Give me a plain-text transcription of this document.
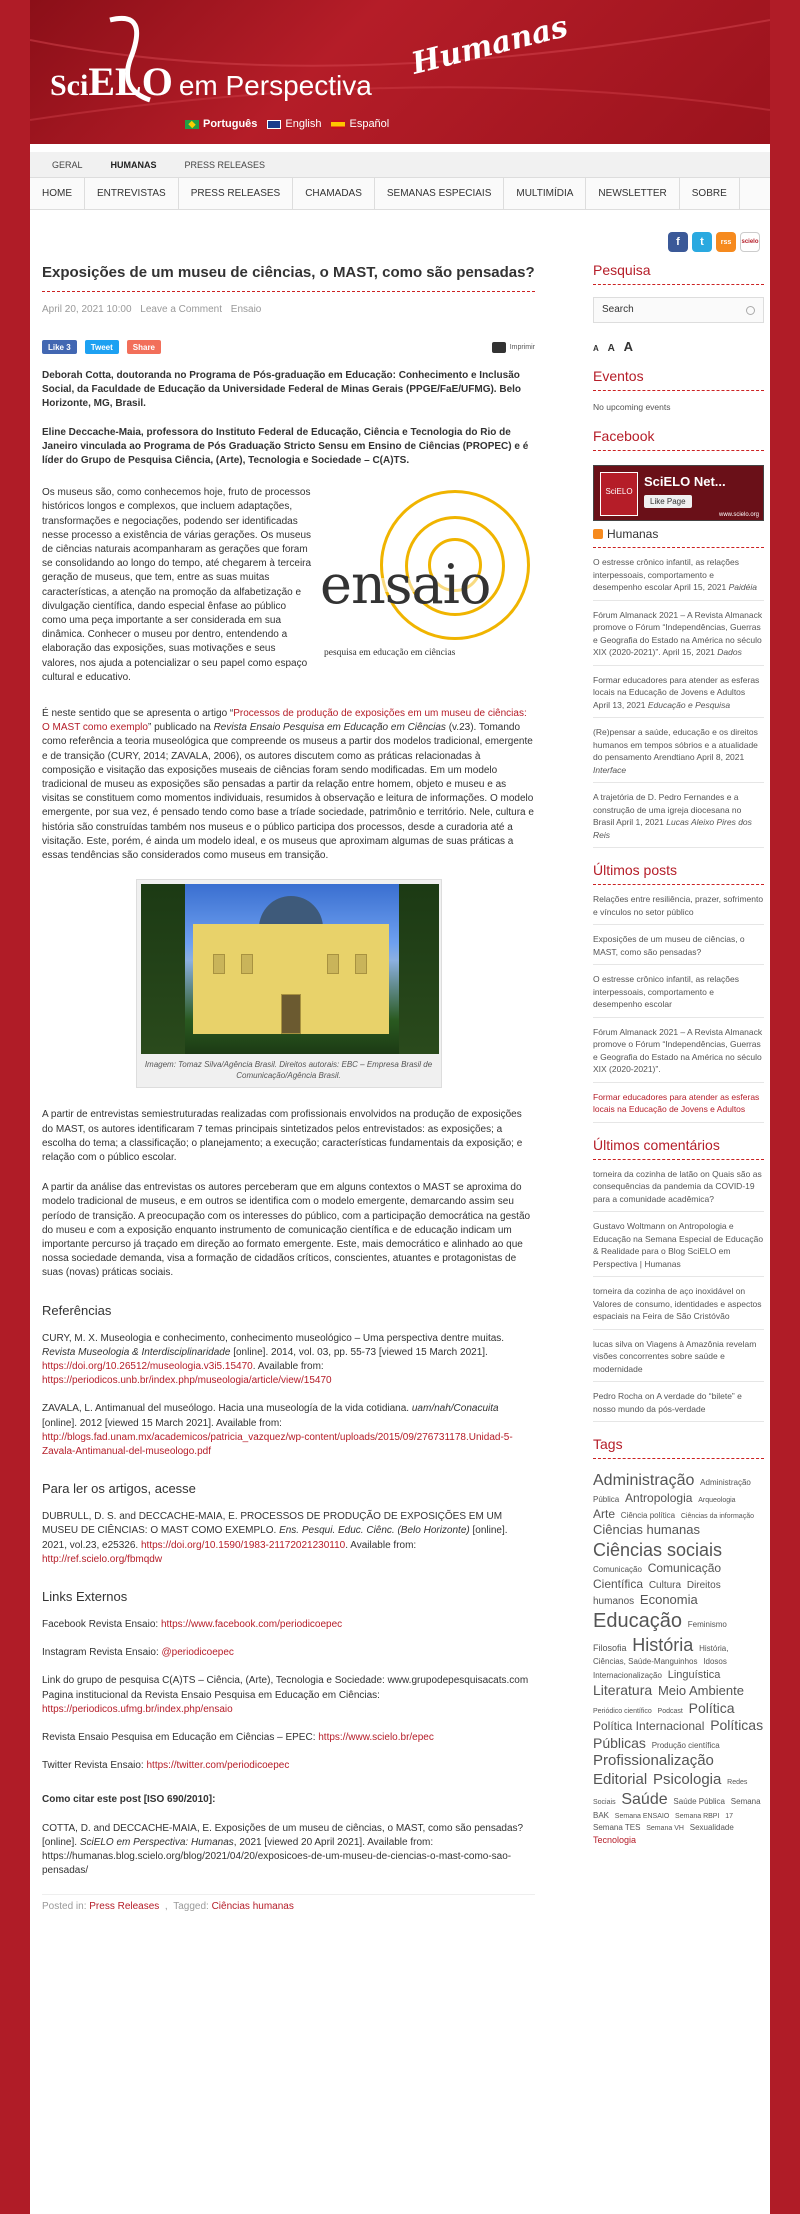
SciELO em Perspectiva
Humanas
Português	English	Español
GERAL	HUMANAS	PRESS RELEASES
HOME	ENTREVISTAS	PRESS RELEASES	CHAMADAS	SEMANAS ESPECIAIS	MULTIMÍDIA	NEWSLETTER	SOBRE
f	t	rss	scielo
Exposições de um museu de ciências, o MAST, como são pensadas?
April 20, 2021 10:00 Leave a Comment Ensaio
Like 3	Tweet	Share	Imprimir

Deborah Cotta, doutoranda no Programa de Pós-graduação em Educação: Conhecimento e Inclusão Social, da Faculdade de Educação da Universidade Federal de Minas Gerais (PPGE/FaE/UFMG). Belo Horizonte, MG, Brasil.

Eline Deccache-Maia, professora do Instituto Federal de Educação, Ciência e Tecnologia do Rio de Janeiro vinculada ao Programa de Pós Graduação Stricto Sensu em Ensino de Ciências (PROPEC) e é líder do Grupo de Pesquisa Ciência, (Arte), Tecnologia e Sociedade – C(A)TS.

ensaio
pesquisa em educação em ciências
Os museus são, como conhecemos hoje, fruto de processos históricos longos e complexos, que incluem adaptações, transformações e negociações, podendo ser identificadas nesse processo a existência de várias gerações. Os museus de ciências naturais acompanharam as gerações que foram se consolidando ao longo do tempo, até chegarem à terceira geração de museus, que tem, entre as suas muitas características, a atenção na promoção da alfabetização e divulgação científica, dando especial ênfase ao público como uma peça importante a ser considerada em sua dinâmica. Conhecer o museu por dentro, entendendo a elaboração das exposições, suas motivações e seus valores, nos ajuda a potencializar o seu papel como espaço cultural e educativo.

É neste sentido que se apresenta o artigo “Processos de produção de exposições em um museu de ciências: O MAST como exemplo” publicado na Revista Ensaio Pesquisa em Educação em Ciências (v.23). Tomando como referência a teoria museológica que compreende os museus a partir dos modelos tradicional, emergente e de transição (CURY, 2014; ZAVALA, 2006), os autores discutem como as práticas relacionadas à composição e visitação das exposições museais de ciências foram sendo modificadas. Em um modelo tradicional de museu as exposições são pensadas a partir da relação entre homem, objeto e museu e as visitas se constituem como momentos individuais, resumidos à observação e leitura de informações. O modelo emergente, por sua vez, é pensado tendo como base a tríade sociedade, patrimônio e território. Nele, cultura e história são construídas também nos museus e o público participa dos processos, desde a curadoria até a visitação. Este, porém, é ainda um modelo ideal, e os museus que aproximam algumas de suas práticas a essas tendências são considerados como museus em transição.

Imagem: Tomaz Silva/Agência Brasil. Direitos autorais: EBC – Empresa Brasil de Comunicação/Agência Brasil.

A partir de entrevistas semiestruturadas realizadas com profissionais envolvidos na produção de exposições do MAST, os autores identificaram 7 temas principais sintetizados pelos entrevistados: as exposições; a escolha do tema; a classificação; o planejamento; a execução; características fundamentais da exposição; e relação com o público escolar.

A partir da análise das entrevistas os autores perceberam que em alguns contextos o MAST se aproxima do modelo tradicional de museus, e em outros se identifica com o modelo emergente, demarcando assim seu período de transição. A preocupação com os interesses do público, com a participação democrática na gestão do museu e com a exposição enquanto instrumento de comunicação científica e de educação indicam um importante percurso já traçado em direção ao formato emergente. Este, mais democrático e alinhado ao que nossa sociedade demanda, visa a formação de cidadãos críticos, conscientes, atuantes e protagonistas de suas (novas) práticas sociais.

Referências

CURY, M. X. Museologia e conhecimento, conhecimento museológico – Uma perspectiva dentre muitas. Revista Museologia & Interdisciplinaridade [online]. 2014, vol. 03, pp. 55-73 [viewed 15 March 2021]. https://doi.org/10.26512/museologia.v3i5.15470. Available from: https://periodicos.unb.br/index.php/museologia/article/view/15470

ZAVALA, L. Antimanual del museólogo. Hacia una museología de la vida cotidiana. uam/nah/Conacuita [online]. 2012 [viewed 15 March 2021]. Available from: http://blogs.fad.unam.mx/academicos/patricia_vazquez/wp-content/uploads/2015/09/276731178.Unidad-5-Zavala-Antimanual-del-museologo.pdf

Para ler os artigos, acesse

DUBRULL, D. S. and DECCACHE-MAIA, E. PROCESSOS DE PRODUÇÃO DE EXPOSIÇÕES EM UM MUSEU DE CIÊNCIAS: O MAST COMO EXEMPLO. Ens. Pesqui. Educ. Ciênc. (Belo Horizonte) [online]. 2021, vol.23, e25326. https://doi.org/10.1590/1983-21172021230110. Available from: http://ref.scielo.org/fbmqdw

Links Externos

Facebook Revista Ensaio: https://www.facebook.com/periodicoepec

Instagram Revista Ensaio: @periodicoepec

Link do grupo de pesquisa C(A)TS – Ciência, (Arte), Tecnologia e Sociedade: www.grupodepesquisacats.com
Pagina institucional da Revista Ensaio Pesquisa em Educação em Ciências:
https://periodicos.ufmg.br/index.php/ensaio

Revista Ensaio Pesquisa em Educação em Ciências – EPEC: https://www.scielo.br/epec

Twitter Revista Ensaio: https://twitter.com/periodicoepec

Como citar este post [ISO 690/2010]:

COTTA, D. and DECCACHE-MAIA, E. Exposições de um museu de ciências, o MAST, como são pensadas? [online]. SciELO em Perspectiva: Humanas, 2021 [viewed 20 April 2021]. Available from: https://humanas.blog.scielo.org/blog/2021/04/20/exposicoes-de-um-museu-de-ciencias-o-mast-como-sao-pensadas/

Posted in: Press Releases  ,  Tagged: Ciências humanas
Pesquisa
Search
A A A
Eventos
No upcoming events
Facebook
SciELO
SciELO Net...
Like Page
www.scielo.org
Humanas
O estresse crônico infantil, as relações interpessoais, comportamento e desempenho escolar April 15, 2021 Paidéia
Fórum Almanack 2021 – A Revista Almanack promove o Fórum “Independências, Guerras e Geografia do Estado na América no século XIX (2020-2021)”. April 15, 2021 Dados
Formar educadores para atender as esferas locais na Educação de Jovens e Adultos April 13, 2021 Educação e Pesquisa
(Re)pensar a saúde, educação e os direitos humanos em tempos sóbrios e a atualidade do pensamento Arendtiano April 8, 2021 Interface
A trajetória de D. Pedro Fernandes e a construção de uma igreja diocesana no Brasil April 1, 2021 Lucas Aleixo Pires dos Reis
Últimos posts
Relações entre resiliência, prazer, sofrimento e vínculos no setor público
Exposições de um museu de ciências, o MAST, como são pensadas?
O estresse crônico infantil, as relações interpessoais, comportamento e desempenho escolar
Fórum Almanack 2021 – A Revista Almanack promove o Fórum “Independências, Guerras e Geografia do Estado na América no século XIX (2020-2021)”.
Formar educadores para atender as esferas locais na Educação de Jovens e Adultos
Últimos comentários
torneira da cozinha de latão on Quais são as consequências da pandemia da COVID-19 para a comunidade acadêmica?
Gustavo Woltmann on Antropologia e Educação na Semana Especial de Educação & Realidade para o Blog SciELO em Perspectiva | Humanas
torneira da cozinha de aço inoxidável on Valores de consumo, identidades e aspectos espaciais na Feira de São Cristóvão
lucas silva on Viagens à Amazônia revelam visões concorrentes sobre saúde e modernidade
Pedro Rocha on A verdade do “bilete” e nosso mundo da pós-verdade
Tags
Administração Administração Pública Antropologia Arqueologia Arte Ciência política Ciências da informação Ciências humanas Ciências sociais Comunicação Comunicação Científica Cultura Direitos humanos Economia Educação Feminismo Filosofia História História, Ciências, Saúde-Manguinhos Idosos Internacionalização Linguística Literatura Meio Ambiente Periódico científico Podcast Política Política Internacional Políticas Públicas Produção científica Profissionalização Editorial Psicologia Redes Sociais Saúde Saúde Pública Semana BAK Semana ENSAIO Semana RBPI 17 Semana TES Semana VH Sexualidade Tecnologia
